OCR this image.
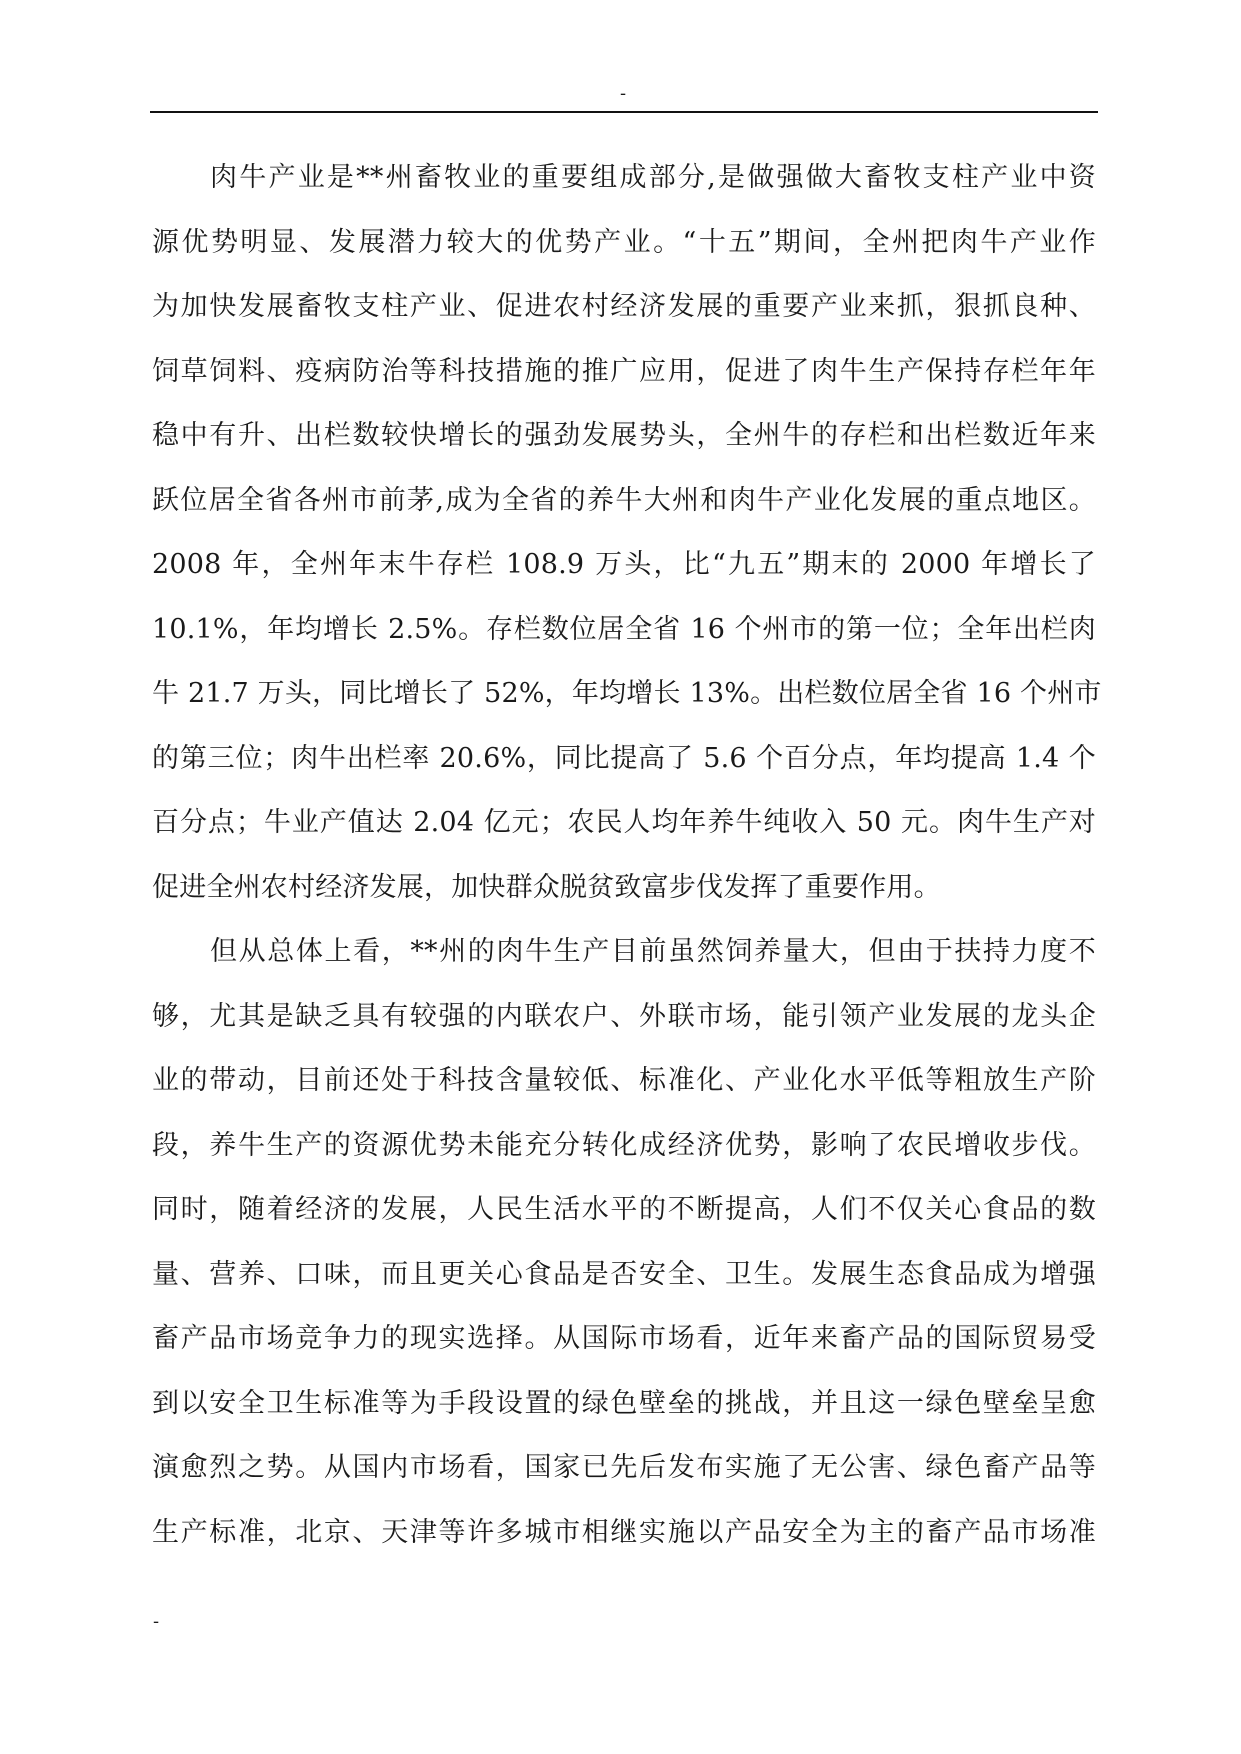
-
肉牛产业是**州畜牧业的重要组成部分,是做强做大畜牧支柱产业中资
源优势明显、发展潜力较大的优势产业。“十五”期间，全州把肉牛产业作
为加快发展畜牧支柱产业、促进农村经济发展的重要产业来抓，狠抓良种、
饲草饲料、疫病防治等科技措施的推广应用，促进了肉牛生产保持存栏年年
稳中有升、出栏数较快增长的强劲发展势头，全州牛的存栏和出栏数近年来
跃位居全省各州市前茅,成为全省的养牛大州和肉牛产业化发展的重点地区。
2008 年，全州年末牛存栏 108.9 万头，比“九五”期末的 2000 年增长了
10.1%，年均增长 2.5%。存栏数位居全省 16 个州市的第一位；全年出栏肉
牛 21.7 万头，同比增长了 52%，年均增长 13%。出栏数位居全省 16 个州市
的第三位；肉牛出栏率 20.6%，同比提高了 5.6 个百分点，年均提高 1.4 个
百分点；牛业产值达 2.04 亿元；农民人均年养牛纯收入 50 元。肉牛生产对
促进全州农村经济发展，加快群众脱贫致富步伐发挥了重要作用。
但从总体上看，**州的肉牛生产目前虽然饲养量大，但由于扶持力度不
够，尤其是缺乏具有较强的内联农户、外联市场，能引领产业发展的龙头企
业的带动，目前还处于科技含量较低、标准化、产业化水平低等粗放生产阶
段，养牛生产的资源优势未能充分转化成经济优势，影响了农民增收步伐。
同时，随着经济的发展，人民生活水平的不断提高，人们不仅关心食品的数
量、营养、口味，而且更关心食品是否安全、卫生。发展生态食品成为增强
畜产品市场竞争力的现实选择。从国际市场看，近年来畜产品的国际贸易受
到以安全卫生标准等为手段设置的绿色壁垒的挑战，并且这一绿色壁垒呈愈
演愈烈之势。从国内市场看，国家已先后发布实施了无公害、绿色畜产品等
生产标准，北京、天津等许多城市相继实施以产品安全为主的畜产品市场准
-
